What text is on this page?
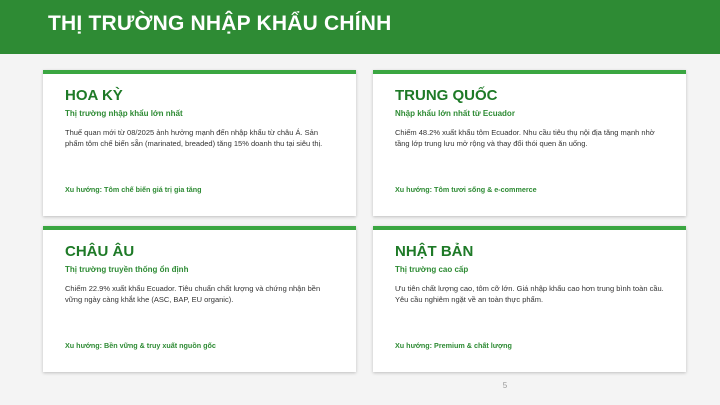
THỊ TRƯỜNG NHẬP KHẨU CHÍNH
HOA KỲ
Thị trường nhập khẩu lớn nhất
Thuế quan mới từ 08/2025 ảnh hưởng mạnh đến nhập khẩu từ châu Á. Sản phẩm tôm chế biến sẵn (marinated, breaded) tăng 15% doanh thu tại siêu thị.
Xu hướng: Tôm chế biến giá trị gia tăng
TRUNG QUỐC
Nhập khẩu lớn nhất từ Ecuador
Chiếm 48.2% xuất khẩu tôm Ecuador. Nhu cầu tiêu thụ nội địa tăng mạnh nhờ tầng lớp trung lưu mở rộng và thay đổi thói quen ăn uống.
Xu hướng: Tôm tươi sống & e-commerce
CHÂU ÂU
Thị trường truyền thống ổn định
Chiếm 22.9% xuất khẩu Ecuador. Tiêu chuẩn chất lượng và chứng nhận bền vững ngày càng khắt khe (ASC, BAP, EU organic).
Xu hướng: Bền vững & truy xuất nguồn gốc
NHẬT BẢN
Thị trường cao cấp
Ưu tiên chất lượng cao, tôm cỡ lớn. Giá nhập khẩu cao hơn trung bình toàn cầu. Yêu cầu nghiêm ngặt về an toàn thực phẩm.
Xu hướng: Premium & chất lượng
5
